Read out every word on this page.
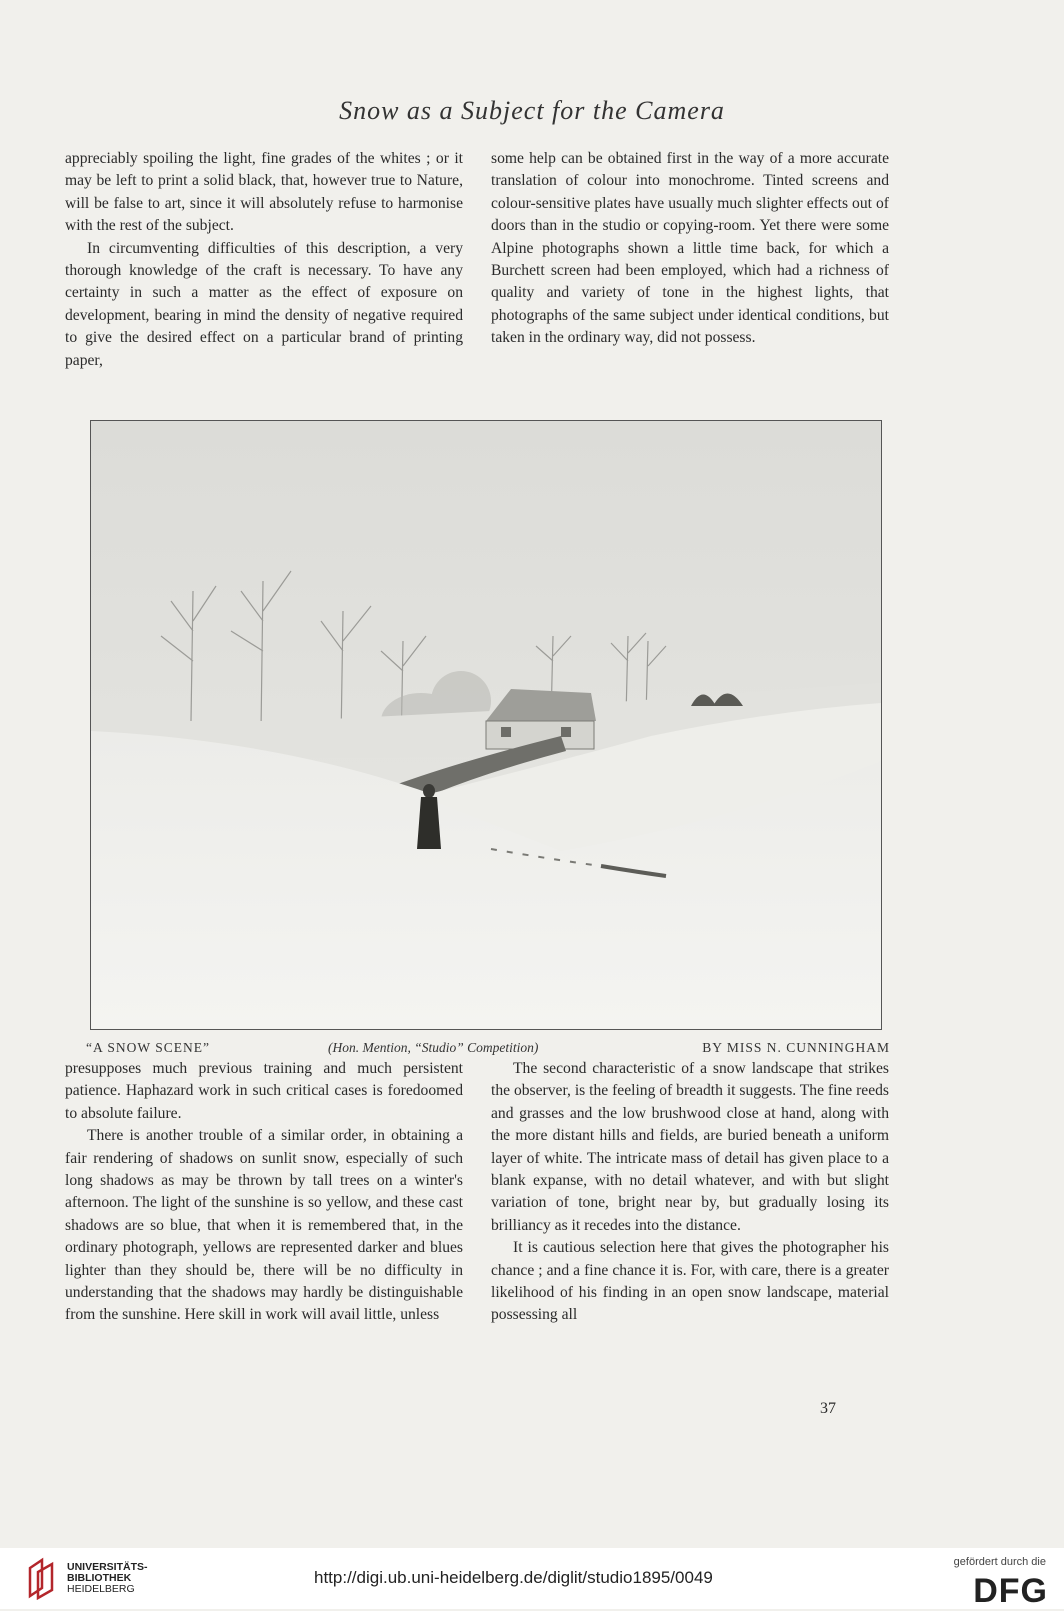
Snow as a Subject for the Camera

appreciably spoiling the light, fine grades of the whites ; or it may be left to print a solid black, that, however true to Nature, will be false to art, since it will absolutely refuse to harmonise with the rest of the subject.

In circumventing difficulties of this description, a very thorough knowledge of the craft is necessary. To have any certainty in such a matter as the effect of exposure on development, bearing in mind the density of negative required to give the desired effect on a particular brand of printing paper,

some help can be obtained first in the way of a more accurate translation of colour into monochrome. Tinted screens and colour-sensitive plates have usually much slighter effects out of doors than in the studio or copying-room. Yet there were some Alpine photographs shown a little time back, for which a Burchett screen had been employed, which had a richness of quality and variety of tone in the highest lights, that photographs of the same subject under identical conditions, but taken in the ordinary way, did not possess.

“A SNOW SCENE”	(Hon. Mention, “Studio” Competition)	BY MISS N. CUNNINGHAM

presupposes much previous training and much persistent patience. Haphazard work in such critical cases is foredoomed to absolute failure.

There is another trouble of a similar order, in obtaining a fair rendering of shadows on sunlit snow, especially of such long shadows as may be thrown by tall trees on a winter's afternoon. The light of the sunshine is so yellow, and these cast shadows are so blue, that when it is remembered that, in the ordinary photograph, yellows are represented darker and blues lighter than they should be, there will be no difficulty in understanding that the shadows may hardly be distinguishable from the sunshine. Here skill in work will avail little, unless

The second characteristic of a snow landscape that strikes the observer, is the feeling of breadth it suggests. The fine reeds and grasses and the low brushwood close at hand, along with the more distant hills and fields, are buried beneath a uniform layer of white. The intricate mass of detail has given place to a blank expanse, with no detail whatever, and with but slight variation of tone, bright near by, but gradually losing its brilliancy as it recedes into the distance.

It is cautious selection here that gives the photographer his chance ; and a fine chance it is. For, with care, there is a greater likelihood of his finding in an open snow landscape, material possessing all

37
UNIVERSITÄTS-
BIBLIOTHEK
HEIDELBERG
http://digi.ub.uni-heidelberg.de/diglit/studio1895/0049
gefördert durch die
DFG
